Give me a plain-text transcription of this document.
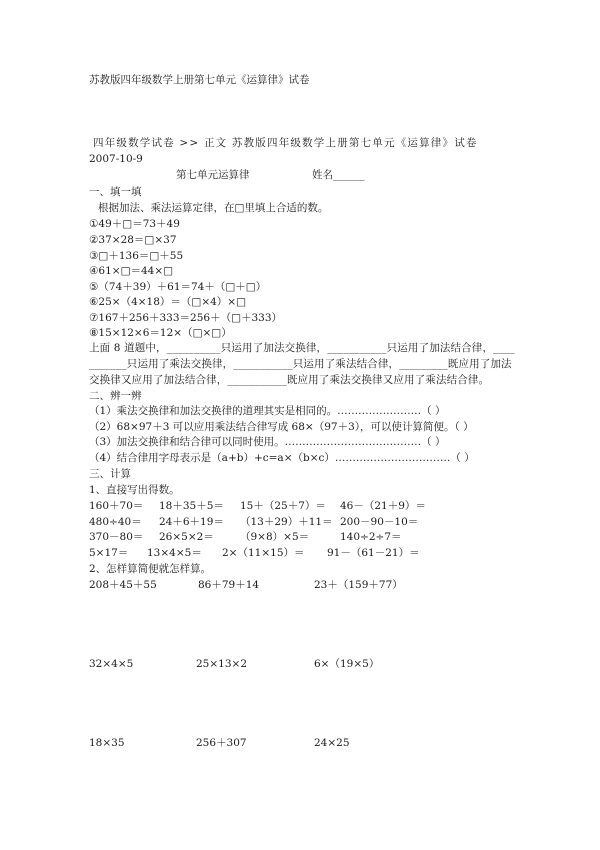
苏教版四年级数学上册第七单元《运算律》试卷
四年级数学试卷 >> 正文 苏教版四年级数学上册第七单元《运算律》试卷
2007-10-9
第七单元运算律	姓名______
一、填一填
根据加法、乘法运算定律，在□里填上合适的数。
①49＋□＝73＋49
②37×28＝□×37
③□＋136＝□＋55
④61×□＝44×□
⑤（74＋39）＋61＝74＋（□＋□）
⑥25×（4×18）＝（□×4）×□
⑦167＋256＋333＝256＋（□＋333）
⑧15×12×6＝12×（□×□）
上面 8 道题中，__________只运用了加法交换律，___________只运用了加法结合律，____
_______只运用了乘法交换律，___________只运用了乘法结合律，_________既应用了加法
交换律又应用了加法结合律，___________既应用了乘法交换律又应用了乘法结合律。
二、辨一辨
（1）乘法交换律和加法交换律的道理其实是相同的。……………………（ ）
（2）68×97＋3 可以应用乘法结合律写成 68×（97＋3），可以使计算简便。（ ）
（3）加法交换律和结合律可以同时使用。…………………………………（ ）
（4）结合律用字母表示是（a+b）+c=a×（b×c）……………………………（ ）
三、计算
1、直接写出得数。
160＋70＝ 18＋35＋5＝ 15＋（25＋7）＝ 46－（21＋9）＝
480÷40＝ 24＋6＋19＝ （13＋29）＋11＝ 200－90－10＝
370－80＝ 26×5×2＝ （9×8）×5＝	140÷2÷7＝
5×17＝ 13×4×5＝ 2×（11×15）＝ 91－（61－21）＝
2、怎样算简便就怎样算。
208＋45＋55	86＋79＋14	23＋（159＋77）
32×4×5	25×13×2	6×（19×5）
18×35	256＋307	24×25
